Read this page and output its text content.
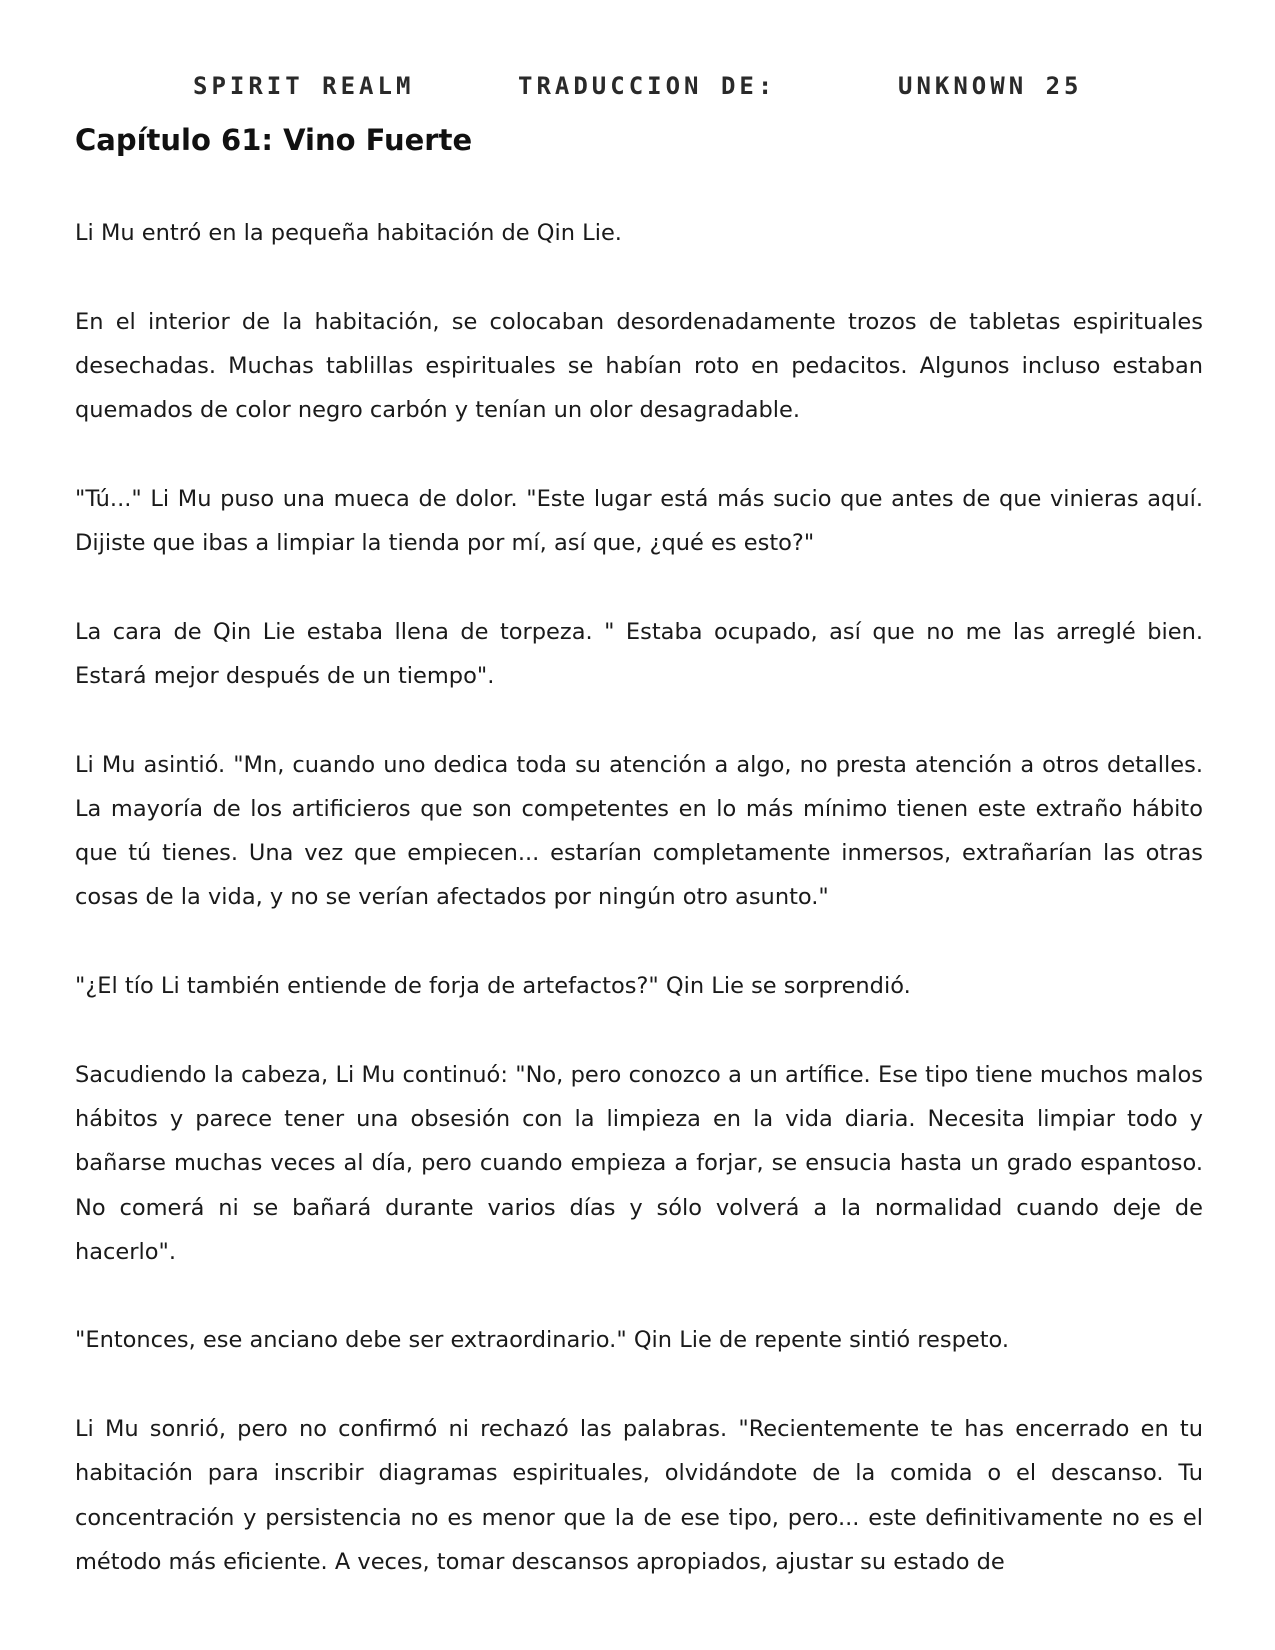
SPIRIT REALM	TRADUCCION DE:	UNKNOWN 25
Capítulo 61: Vino Fuerte

Li Mu entró en la pequeña habitación de Qin Lie.

En el interior de la habitación, se colocaban desordenadamente trozos de tabletas espirituales desechadas. Muchas tablillas espirituales se habían roto en pedacitos. Algunos incluso estaban quemados de color negro carbón y tenían un olor desagradable.

"Tú..." Li Mu puso una mueca de dolor. "Este lugar está más sucio que antes de que vinieras aquí. Dijiste que ibas a limpiar la tienda por mí, así que, ¿qué es esto?"

La cara de Qin Lie estaba llena de torpeza. " Estaba ocupado, así que no me las arreglé bien. Estará mejor después de un tiempo".

Li Mu asintió. "Mn, cuando uno dedica toda su atención a algo, no presta atención a otros detalles. La mayoría de los artificieros que son competentes en lo más mínimo tienen este extraño hábito que tú tienes. Una vez que empiecen... estarían completamente inmersos, extrañarían las otras cosas de la vida, y no se verían afectados por ningún otro asunto."

"¿El tío Li también entiende de forja de artefactos?" Qin Lie se sorprendió.

Sacudiendo la cabeza, Li Mu continuó: "No, pero conozco a un artífice. Ese tipo tiene muchos malos hábitos y parece tener una obsesión con la limpieza en la vida diaria. Necesita limpiar todo y bañarse muchas veces al día, pero cuando empieza a forjar, se ensucia hasta un grado espantoso. No comerá ni se bañará durante varios días y sólo volverá a la normalidad cuando deje de hacerlo".

"Entonces, ese anciano debe ser extraordinario." Qin Lie de repente sintió respeto.

Li Mu sonrió, pero no confirmó ni rechazó las palabras. "Recientemente te has encerrado en tu habitación para inscribir diagramas espirituales, olvidándote de la comida o el descanso. Tu concentración y persistencia no es menor que la de ese tipo, pero... este definitivamente no es el método más eficiente. A veces, tomar descansos apropiados, ajustar su estado de
